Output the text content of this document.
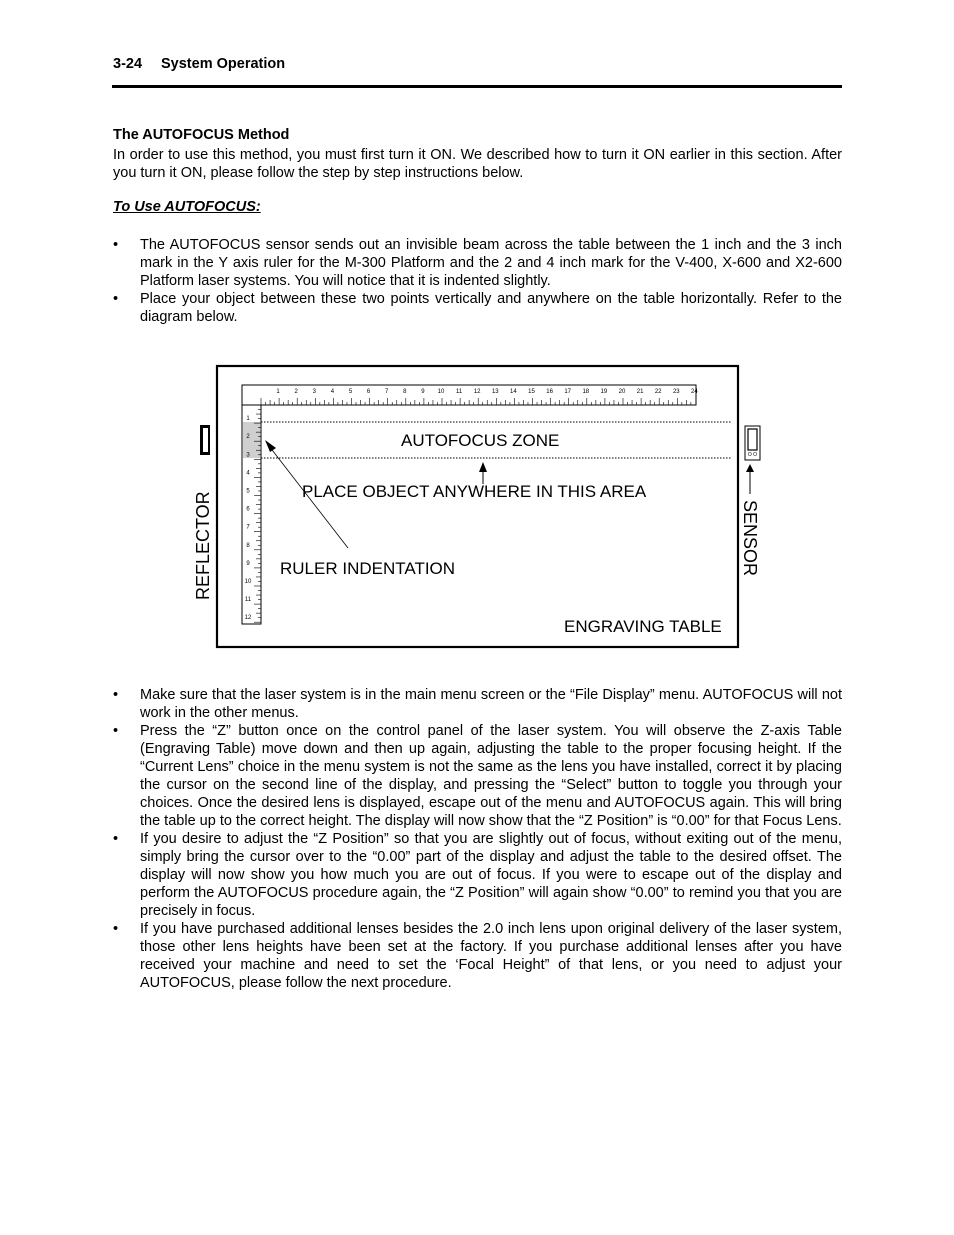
3-24 System Operation
The AUTOFOCUS Method
In order to use this method, you must first turn it ON. We described how to turn it ON earlier in this section. After you turn it ON, please follow the step by step instructions below.
To Use AUTOFOCUS:
• The AUTOFOCUS sensor sends out an invisible beam across the table between the 1 inch and the 3 inch mark in the Y axis ruler for the M-300 Platform and the 2 and 4 inch mark for the V-400, X-600 and X2-600 Platform laser systems. You will notice that it is indented slightly.
• Place your object between these two points vertically and anywhere on the table horizontally. Refer to the diagram below.
1 2 3 4 5 6 7 8 9 10 11 12 13 14 15 16 17 18 19 20 21 22 23 24
1
2
3
4
5
6
7
8
9
10
11
12
REFLECTOR
O O
SENSOR
AUTOFOCUS ZONE
PLACE OBJECT ANYWHERE IN THIS AREA
RULER INDENTATION
ENGRAVING TABLE
• Make sure that the laser system is in the main menu screen or the “File Display” menu. AUTOFOCUS will not work in the other menus.
• Press the “Z” button once on the control panel of the laser system. You will observe the Z-axis Table (Engraving Table) move down and then up again, adjusting the table to the proper focusing height. If the “Current Lens” choice in the menu system is not the same as the lens you have installed, correct it by placing the cursor on the second line of the display, and pressing the “Select” button to toggle you through your choices. Once the desired lens is displayed, escape out of the menu and AUTOFOCUS again. This will bring the table up to the correct height. The display will now show that the “Z Position” is “0.00” for that Focus Lens.
• If you desire to adjust the “Z Position” so that you are slightly out of focus, without exiting out of the menu, simply bring the cursor over to the “0.00” part of the display and adjust the table to the desired offset. The display will now show you how much you are out of focus. If you were to escape out of the display and perform the AUTOFOCUS procedure again, the “Z Position” will again show “0.00” to remind you that you are precisely in focus.
• If you have purchased additional lenses besides the 2.0 inch lens upon original delivery of the laser system, those other lens heights have been set at the factory. If you purchase additional lenses after you have received your machine and need to set the ‘Focal Height” of that lens, or you need to adjust your AUTOFOCUS, please follow the next procedure.
